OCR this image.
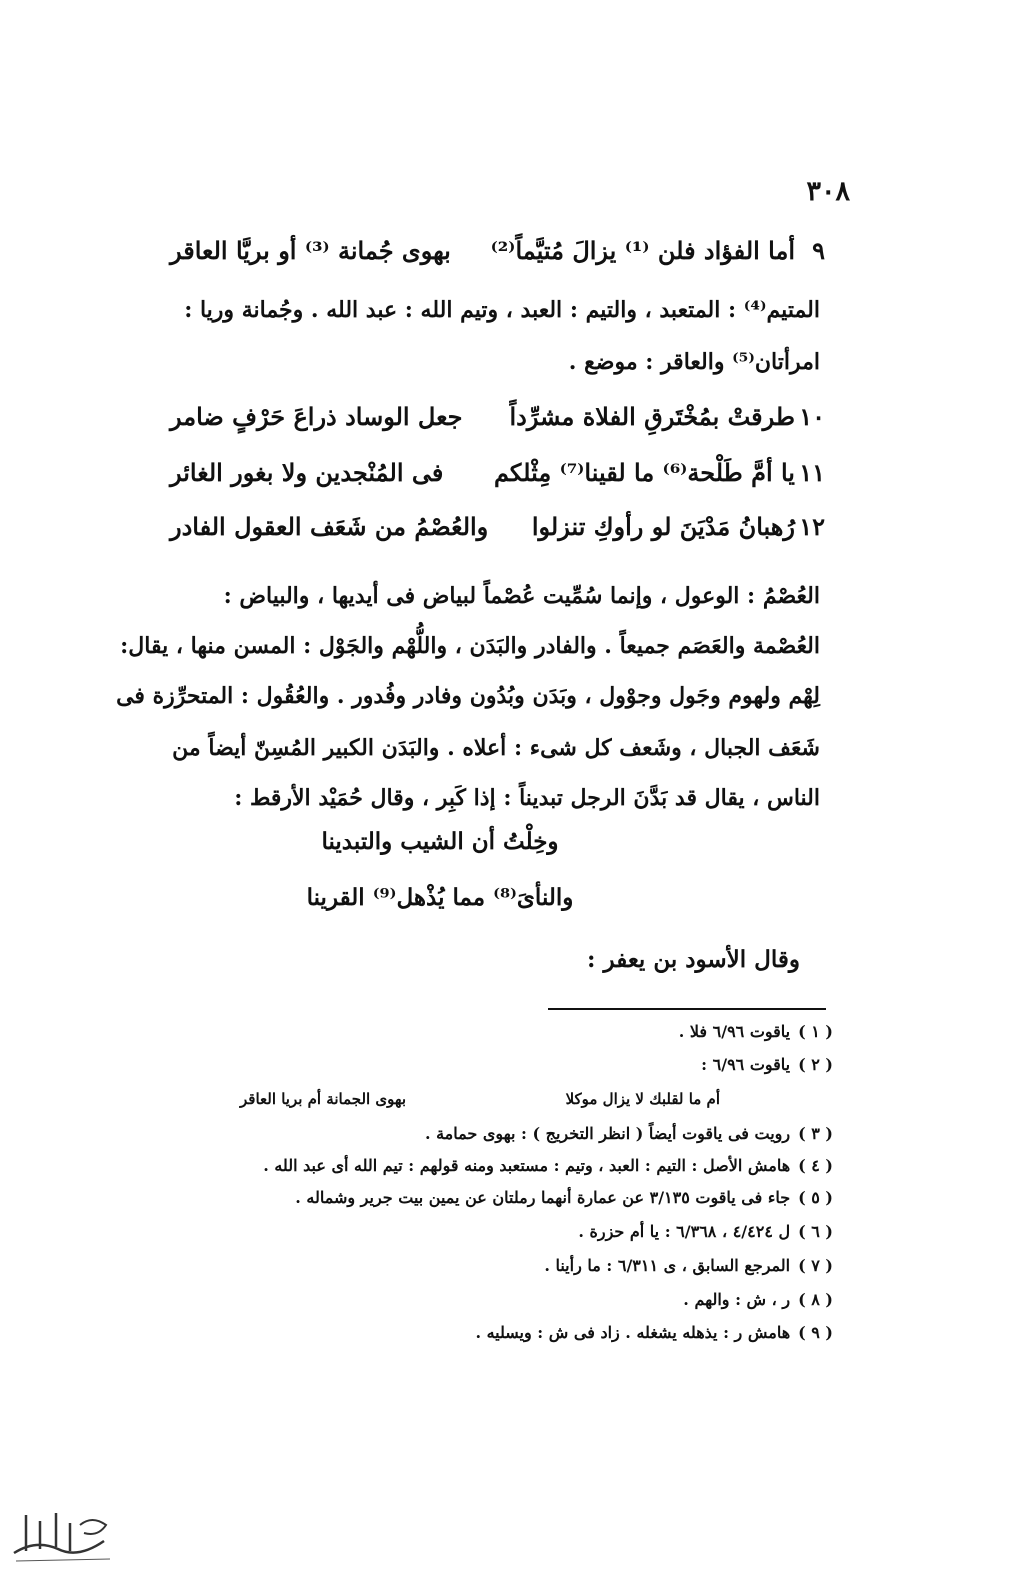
٣٠٨
٩
أما الفؤاد فلن ⁽¹⁾ يزالَ مُتيَّماً⁽²⁾
بهوى جُمانة ⁽³⁾ أو بريَّا العاقر
المتيم⁽⁴⁾ : المتعبد ، والتيم : العبد ، وتيم الله : عبد الله . وجُمانة وريا :
امرأتان⁽⁵⁾ والعاقر : موضع .
١٠
طرقتْ بمُخْتَرقِ الفلاة مشرِّداً
جعل الوساد ذراعَ حَرْفٍ ضامر
١١
يا أمَّ طَلْحة⁽⁶⁾ ما لقينا⁽⁷⁾ مِثْلكم
فى المُنْجدين ولا بغور الغائر
١٢
رُهبانُ مَدْيَنَ لو رأوكِ تنزلوا
والعُصْمُ من شَعَف العقول الفادر
العُصْمُ : الوعول ، وإنما سُمِّيت عُصْماً لبياض فى أيديها ، والبياض :
العُصْمة والعَصَم جميعاً . والفادر والبَدَن ، واللُّهْم والجَوْل : المسن منها ، يقال:
لِهْم ولهوم وجَول وجوْول ، وبَدَن وبُدُون وفادر وفُدور . والعُقُول : المتحرِّزة فى
شَعَف الجبال ، وشَعف كل شىء : أعلاه . والبَدَن الكبير المُسِنّ أيضاً من
الناس ، يقال قد بَدَّنَ الرجل تبديناً : إذا كَبِر ، وقال حُمَيْد الأرقط :
وخِلْتُ أن الشيب والتبدينا
والنأىَ⁽⁸⁾ مما يُذْهل⁽⁹⁾ القرينا
وقال الأسود بن يعفر :
( ١ )ياقوت ٦/٩٦ فلا .
( ٢ )ياقوت ٦/٩٦ :
أم ما لقلبك لا يزال موكلا
بهوى الجمانة أم بريا العاقر
( ٣ )رويت فى ياقوت أيضاً ( انظر التخريج ) : بهوى حمامة .
( ٤ )هامش الأصل : التيم : العبد ، وتيم : مستعبد ومنه قولهم : تيم الله أى عبد الله .
( ٥ )جاء فى ياقوت ٣/١٣٥ عن عمارة أنهما رملتان عن يمين بيت جرير وشماله .
( ٦ )ل ٤/٤٢٤ ، ٦/٣٦٨ : يا أم حزرة .
( ٧ )المرجع السابق ، ى ٦/٣١١ : ما رأينا .
( ٨ )ر ، ش : والهم .
( ٩ )هامش ر : يذهله يشغله . زاد فى ش : ويسليه .
